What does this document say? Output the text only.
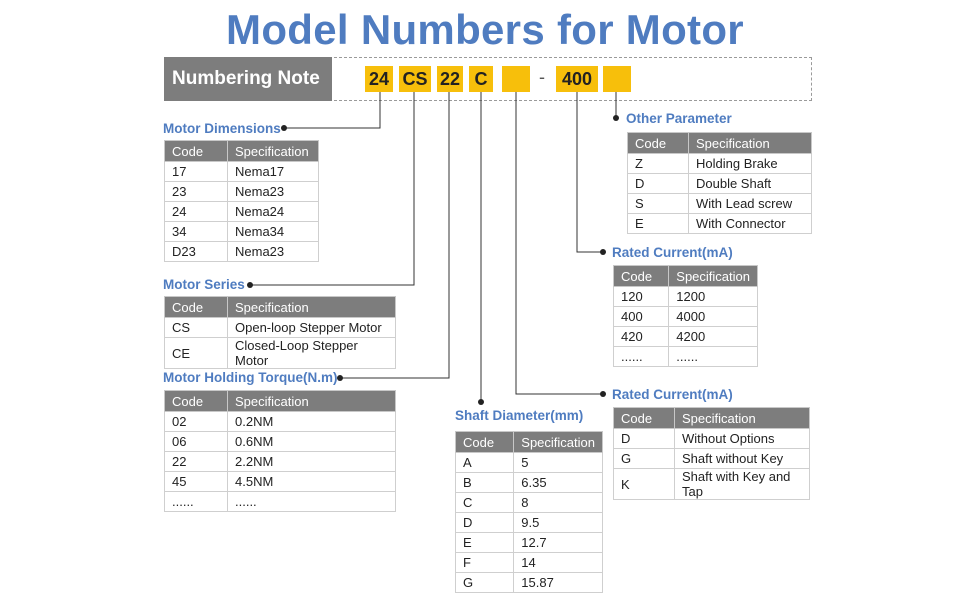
Model Numbers for Motor
Numbering Note	24 CS 22 C	- 400
Motor Dimensions
Code	Specification
17	Nema17
23	Nema23
24	Nema24
34	Nema34
D23	Nema23
Motor Series
Code	Specification
CS	Open-loop Stepper Motor
CE	Closed-Loop Stepper Motor
Motor Holding Torque(N.m)
Code	Specification
02	0.2NM
06	0.6NM
22	2.2NM
45	4.5NM
......	......
Shaft Diameter(mm)
Code	Specification
A	5
B	6.35
C	8
D	9.5
E	12.7
F	14
G	15.87
Other Parameter
Code	Specification
Z	Holding Brake
D	Double Shaft
S	With Lead screw
E	With Connector
Rated Current(mA)
Code	Specification
120	1200
400	4000
420	4200
......	......
Rated Current(mA)
Code	Specification
D	Without Options
G	Shaft without Key
K	Shaft with Key and Tap
